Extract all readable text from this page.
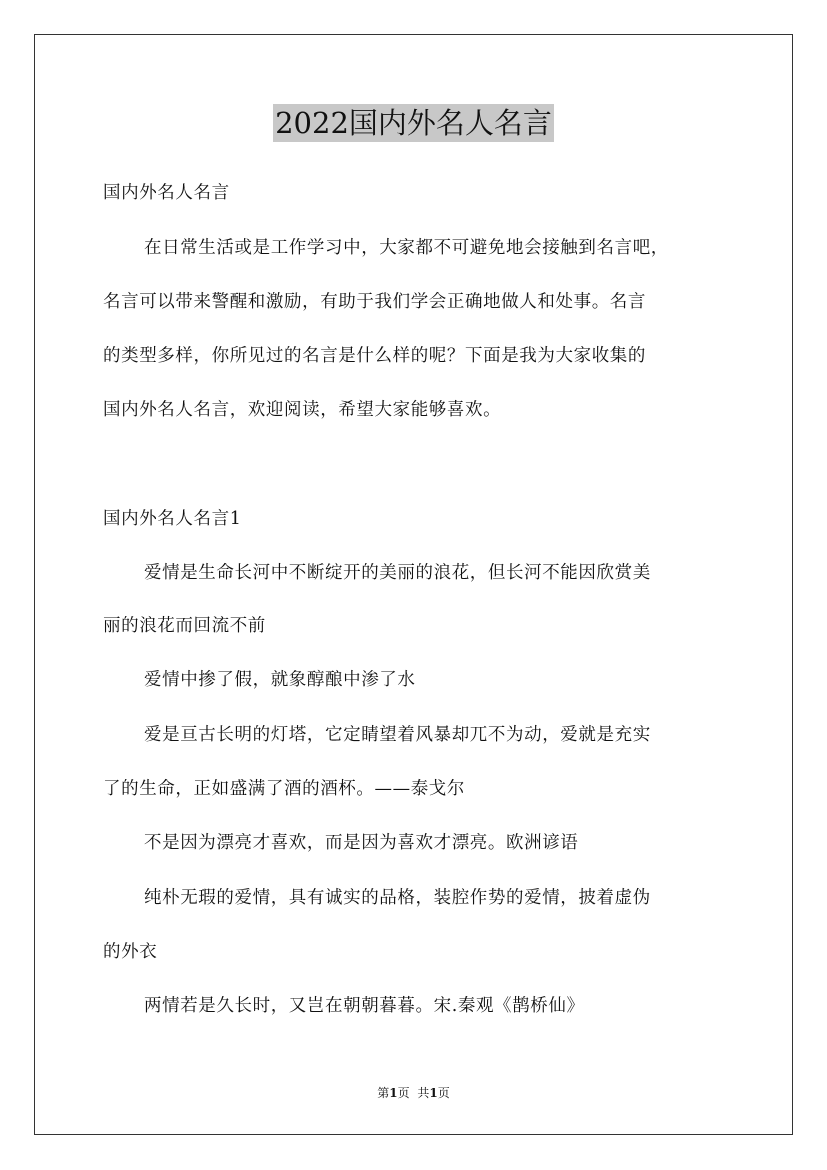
2022国内外名人名言
国内外名人名言
在日常生活或是工作学习中，大家都不可避免地会接触到名言吧，
名言可以带来警醒和激励，有助于我们学会正确地做人和处事。名言
的类型多样，你所见过的名言是什么样的呢？下面是我为大家收集的
国内外名人名言，欢迎阅读，希望大家能够喜欢。
国内外名人名言1
爱情是生命长河中不断绽开的美丽的浪花，但长河不能因欣赏美
丽的浪花而回流不前
爱情中掺了假，就象醇酿中渗了水
爱是亘古长明的灯塔，它定睛望着风暴却兀不为动，爱就是充实
了的生命，正如盛满了酒的酒杯。——泰戈尔
不是因为漂亮才喜欢，而是因为喜欢才漂亮。欧洲谚语
纯朴无瑕的爱情，具有诚实的品格，装腔作势的爱情，披着虚伪
的外衣
两情若是久长时，又岂在朝朝暮暮。宋.秦观《鹊桥仙》
第1页 共1页
